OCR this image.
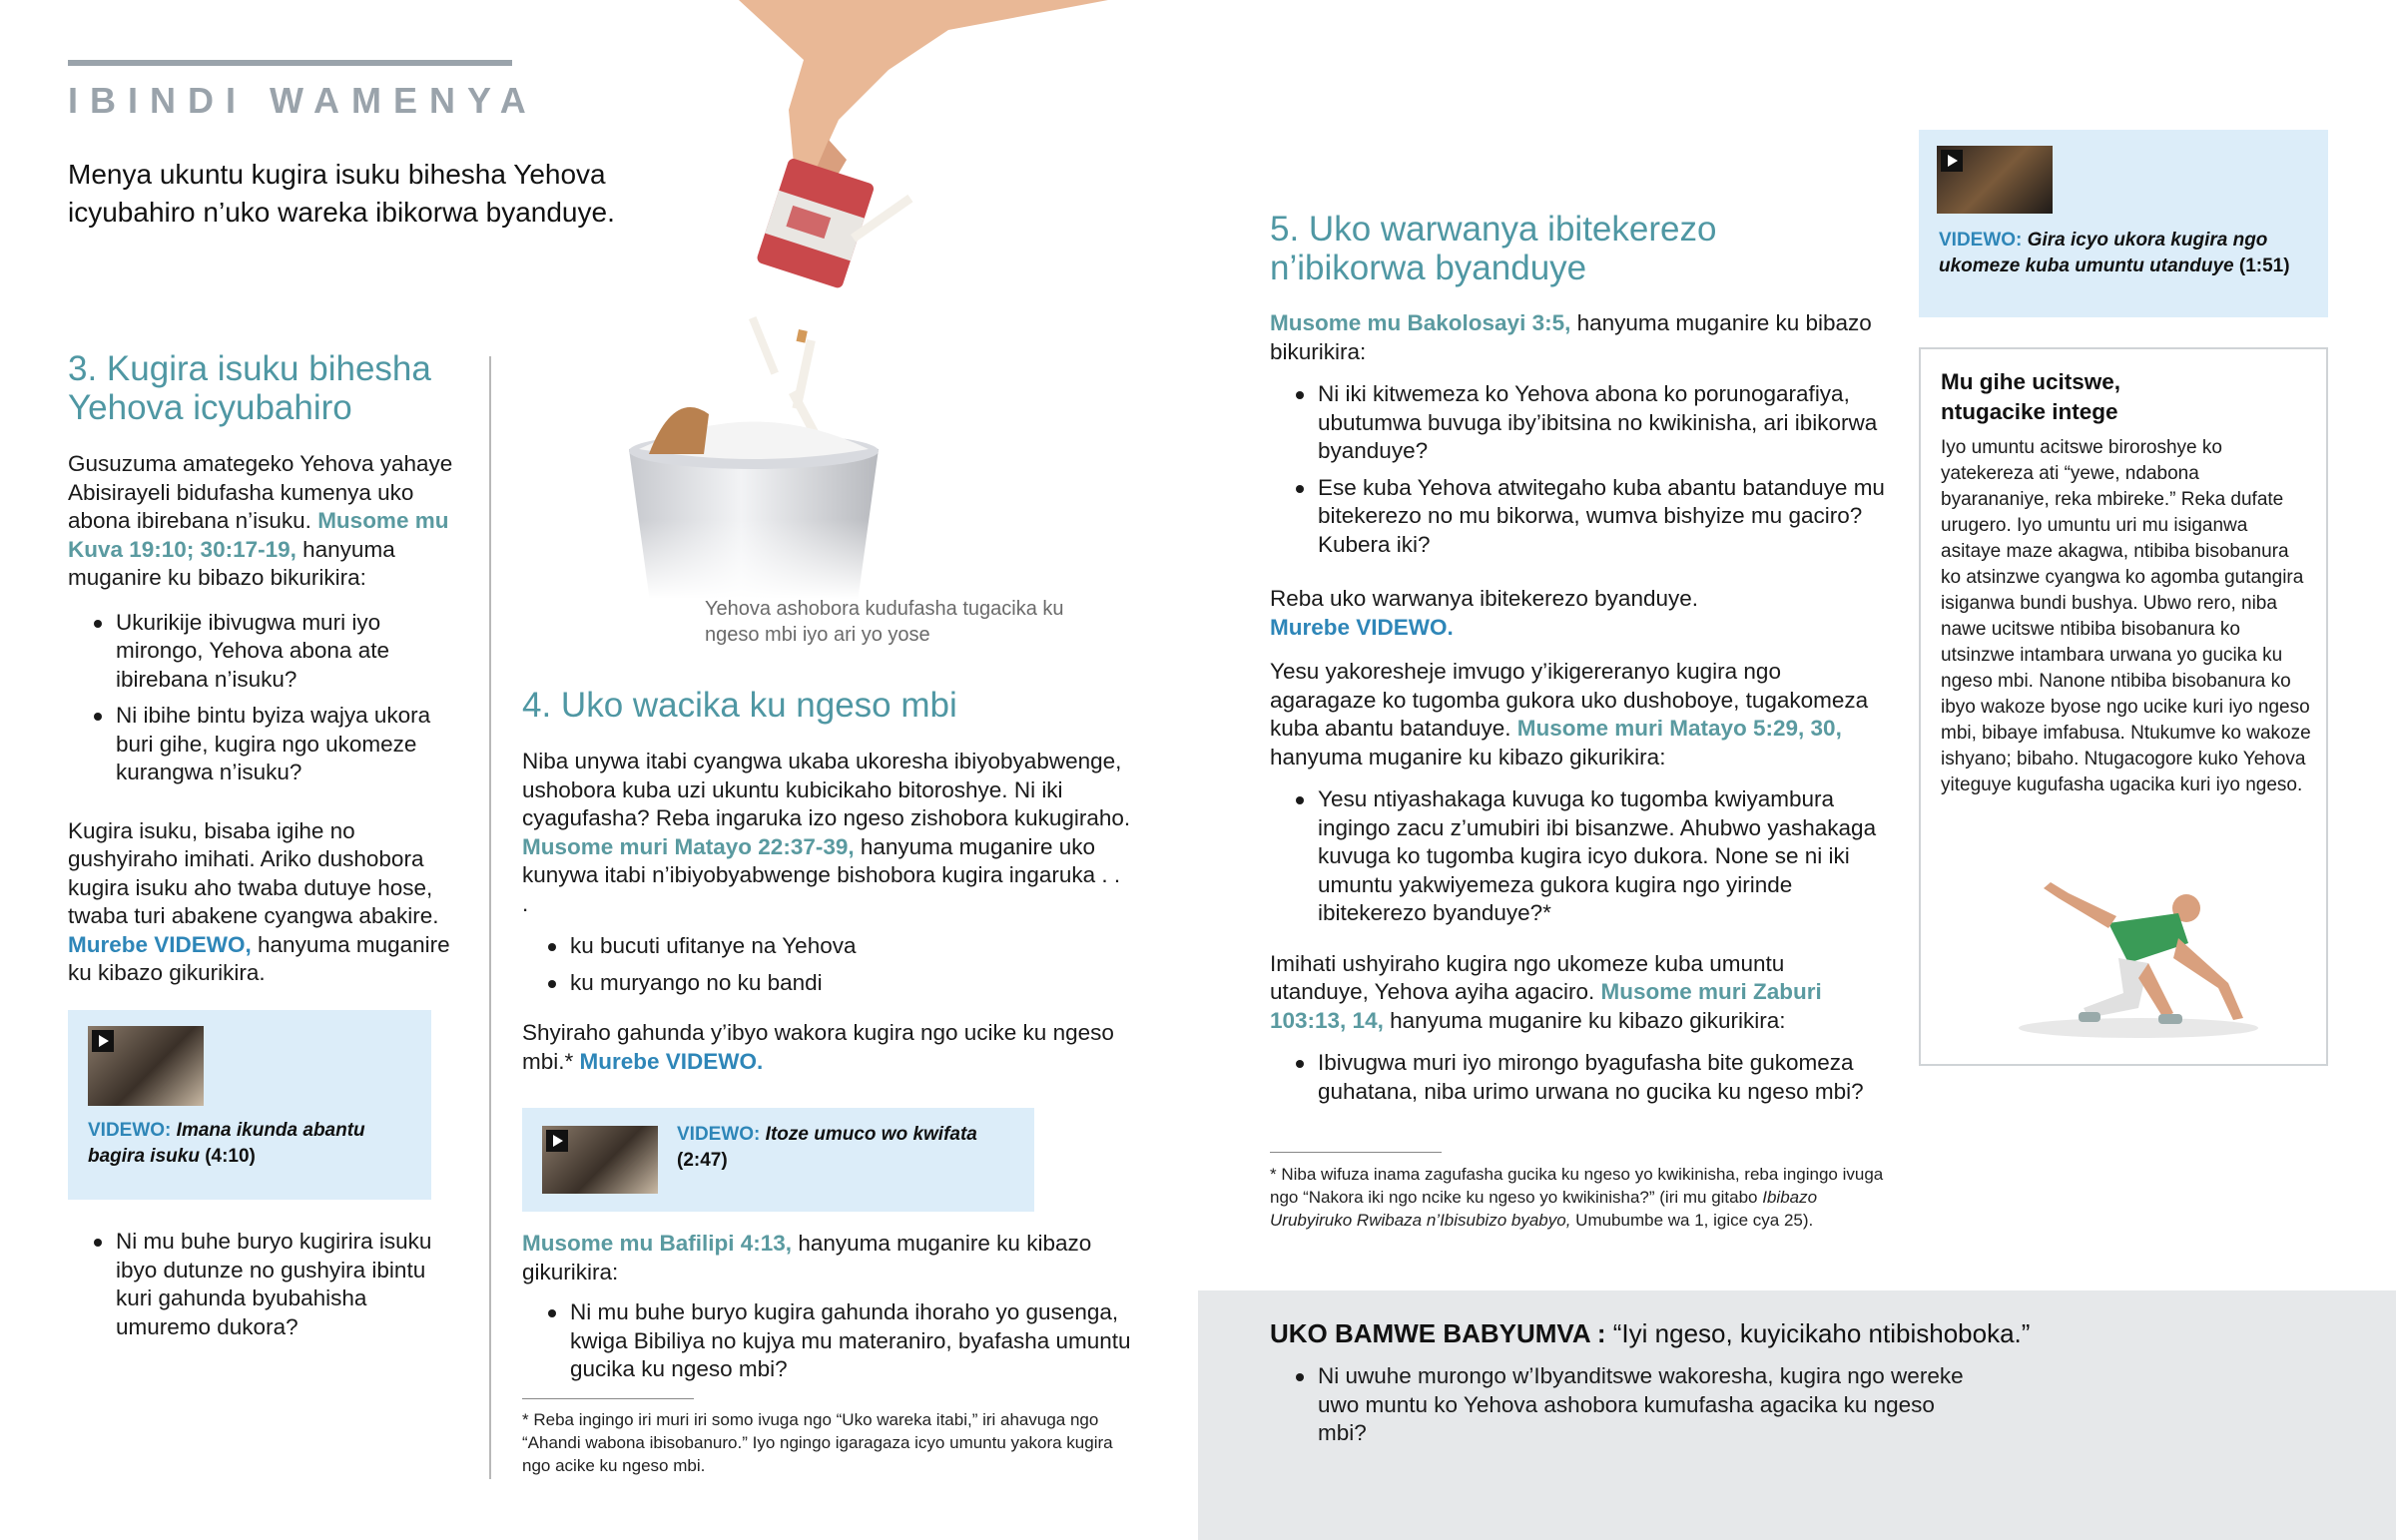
IBINDI WAMENYA
Menya ukuntu kugira isuku bihesha Yehova icyubahiro n’uko wareka ibikorwa byanduye.
3. Kugira isuku bihesha Yehova icyubahiro

Gusuzuma amategeko Yehova yahaye Abisirayeli bidufasha kumenya uko abona ibirebana n’isuku. Musome mu Kuva 19:10; 30:17-19, hanyuma muganire ku bibazo bikurikira:

Ukurikije ibivugwa muri iyo mirongo, Yehova abona ate ibirebana n’isuku?
Ni ibihe bintu byiza wajya ukora buri gihe, kugira ngo ukomeze kurangwa n’isuku?

Kugira isuku, bisaba igihe no gushyiraho imihati. Ariko dushobora kugira isuku aho twaba dutuye hose, twaba turi abakene cyangwa abakire. Murebe VIDEWO, hanyuma muganire ku kibazo gikurikira.

VIDEWO: Imana ikunda abantu bagira isuku (4:10)
Ni mu buhe buryo kugirira isuku ibyo dutunze no gushyira ibintu kuri gahunda byubahisha umuremo dukora?
Yehova ashobora kudufasha tugacika ku ngeso mbi iyo ari yo yose
4. Uko wacika ku ngeso mbi

Niba unywa itabi cyangwa ukaba ukoresha ibiyobyabwenge, ushobora kuba uzi ukuntu kubicikaho bitoroshye. Ni iki cyagufasha? Reba ingaruka izo ngeso zishobora kukugiraho. Musome muri Matayo 22:37-39, hanyuma muganire uko kunywa itabi n’ibiyobyabwenge bishobora kugira ingaruka . . .

ku bucuti ufitanye na Yehova
ku muryango no ku bandi

Shyiraho gahunda y’ibyo wakora kugira ngo ucike ku ngeso mbi.* Murebe VIDEWO.

VIDEWO: Itoze umuco wo kwifata
(2:47)

Musome mu Bafilipi 4:13, hanyuma muganire ku kibazo gikurikira:

Ni mu buhe buryo kugira gahunda ihoraho yo gusenga, kwiga Bibiliya no kujya mu materaniro, byafasha umuntu gucika ku ngeso mbi?
* Reba ingingo iri muri iri somo ivuga ngo “Uko wareka itabi,” iri ahavuga ngo “Ahandi wabona ibisobanuro.” Iyo ngingo igaragaza icyo umuntu yakora kugira ngo acike ku ngeso mbi.
5. Uko warwanya ibitekerezo n’ibikorwa byanduye

Musome mu Bakolosayi 3:5, hanyuma muganire ku bibazo bikurikira:

Ni iki kitwemeza ko Yehova abona ko porunogarafiya, ubutumwa buvuga iby’ibitsina no kwikinisha, ari ibikorwa byanduye?
Ese kuba Yehova atwitegaho kuba abantu batanduye mu bitekerezo no mu bikorwa, wumva bishyize mu gaciro? Kubera iki?

Reba uko warwanya ibitekerezo byanduye.
Murebe VIDEWO.

Yesu yakoresheje imvugo y’ikigereranyo kugira ngo agaragaze ko tugomba gukora uko dushoboye, tugakomeza kuba abantu batanduye. Musome muri Matayo 5:29, 30, hanyuma muganire ku kibazo gikurikira:

Yesu ntiyashakaga kuvuga ko tugomba kwiyambura ingingo zacu z’umubiri ibi bisanzwe. Ahubwo yashakaga kuvuga ko tugomba kugira icyo dukora. None se ni iki umuntu yakwiyemeza gukora kugira ngo yirinde ibitekerezo byanduye?*

Imihati ushyiraho kugira ngo ukomeze kuba umuntu utanduye, Yehova ayiha agaciro. Musome muri Zaburi 103:13, 14, hanyuma muganire ku kibazo gikurikira:

Ibivugwa muri iyo mirongo byagufasha bite gukomeza guhatana, niba urimo urwana no gucika ku ngeso mbi?
* Niba wifuza inama zagufasha gucika ku ngeso yo kwikinisha, reba ingingo ivuga ngo “Nakora iki ngo ncike ku ngeso yo kwikinisha?” (iri mu gitabo Ibibazo Urubyiruko Rwibaza n’Ibisubizo byabyo, Umubumbe wa 1, igice cya 25).
VIDEWO: Gira icyo ukora kugira ngo ukomeze kuba umuntu utanduye (1:51)
Mu gihe ucitswe, ntugacike intege
Iyo umuntu acitswe biroroshye ko yatekereza ati “yewe, ndabona byarananiye, reka mbireke.” Reka dufate urugero. Iyo umuntu uri mu isiganwa asitaye maze akagwa, ntibiba bisobanura ko atsinzwe cyangwa ko agomba gutangira isiganwa bundi bushya. Ubwo rero, niba nawe ucitswe ntibiba bisobanura ko utsinzwe intambara urwana yo gucika ku ngeso mbi. Nanone ntibiba bisobanura ko ibyo wakoze byose ngo ucike kuri iyo ngeso mbi, bibaye imfabusa. Ntukumve ko wakoze ishyano; bibaho. Ntugacogore kuko Yehova yiteguye kugufasha ugacika kuri iyo ngeso.
UKO BAMWE BABYUMVA : “Iyi ngeso, kuyicikaho ntibishoboka.”
Ni uwuhe murongo w’Ibyanditswe wakoresha, kugira ngo wereke uwo muntu ko Yehova ashobora kumufasha agacika ku ngeso mbi?
